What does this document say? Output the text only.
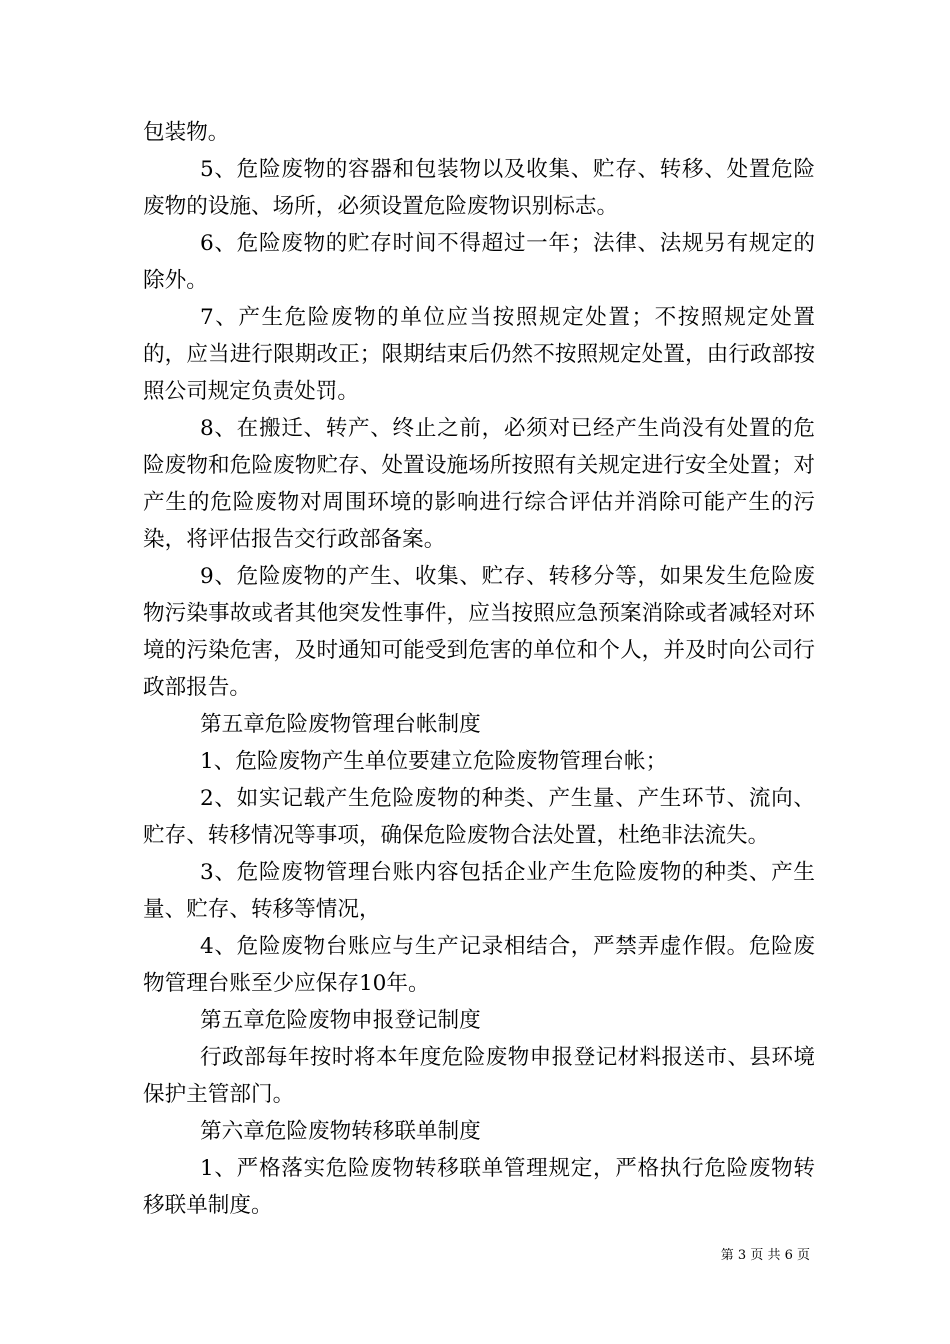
包装物。

5、危险废物的容器和包装物以及收集、贮存、转移、处置危险废物的设施、场所，必须设置危险废物识别标志。

6、危险废物的贮存时间不得超过一年；法律、法规另有规定的除外。

7、产生危险废物的单位应当按照规定处置；不按照规定处置的，应当进行限期改正；限期结束后仍然不按照规定处置，由行政部按照公司规定负责处罚。

8、在搬迁、转产、终止之前，必须对已经产生尚没有处置的危险废物和危险废物贮存、处置设施场所按照有关规定进行安全处置；对产生的危险废物对周围环境的影响进行综合评估并消除可能产生的污染，将评估报告交行政部备案。

9、危险废物的产生、收集、贮存、转移分等，如果发生危险废物污染事故或者其他突发性事件，应当按照应急预案消除或者减轻对环境的污染危害，及时通知可能受到危害的单位和个人，并及时向公司行政部报告。

第五章危险废物管理台帐制度

1、危险废物产生单位要建立危险废物管理台帐；

2、如实记载产生危险废物的种类、产生量、产生环节、流向、贮存、转移情况等事项，确保危险废物合法处置，杜绝非法流失。

3、危险废物管理台账内容包括企业产生危险废物的种类、产生量、贮存、转移等情况，

4、危险废物台账应与生产记录相结合，严禁弄虚作假。危险废物管理台账至少应保存10年。

第五章危险废物申报登记制度

行政部每年按时将本年度危险废物申报登记材料报送市、县环境保护主管部门。

第六章危险废物转移联单制度

1、严格落实危险废物转移联单管理规定，严格执行危险废物转移联单制度。

第 3 页 共 6 页
